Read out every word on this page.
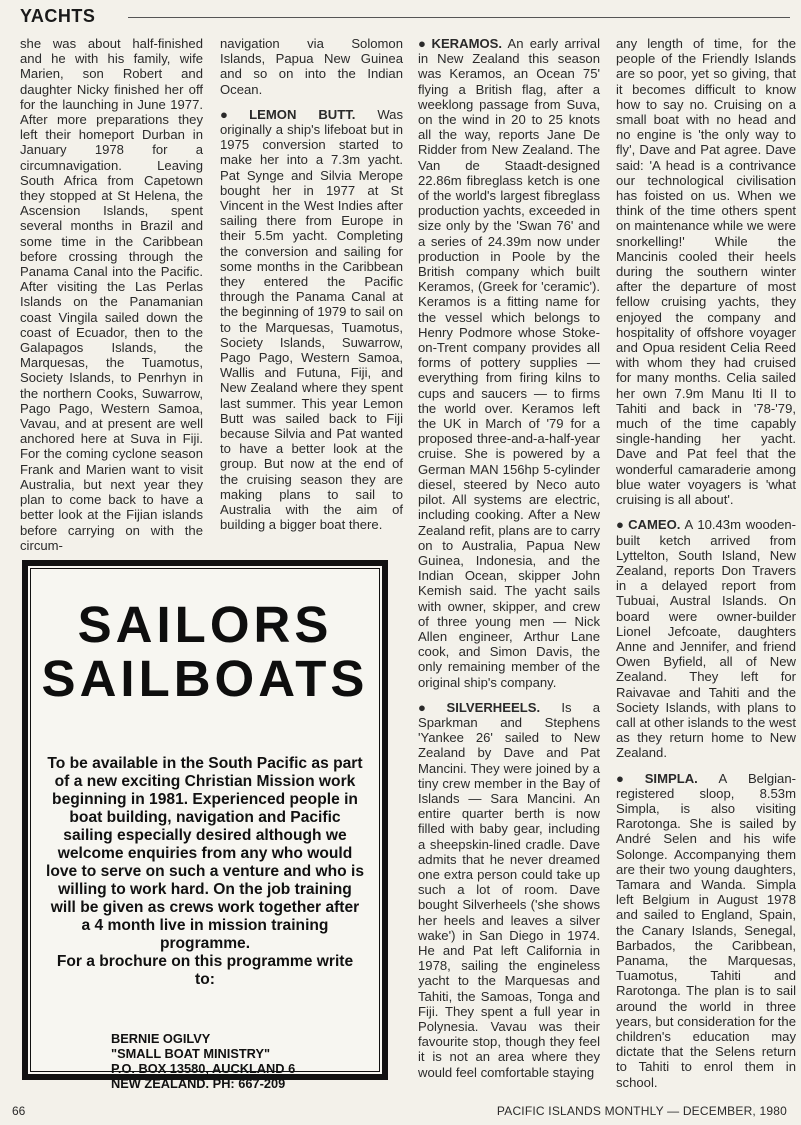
YACHTS

she was about half-finished and he with his family, wife Marien, son Robert and daughter Nicky finished her off for the launching in June 1977. After more preparations they left their homeport Durban in January 1978 for a circumnavigation. Leaving South Africa from Capetown they stopped at St Helena, the Ascension Islands, spent several months in Brazil and some time in the Caribbean before crossing through the Panama Canal into the Pacific. After visiting the Las Perlas Islands on the Panamanian coast Vingila sailed down the coast of Ecuador, then to the Galapagos Islands, the Marquesas, the Tuamotus, Society Islands, to Penrhyn in the northern Cooks, Suwarrow, Pago Pago, Western Samoa, Vavau, and at present are well anchored here at Suva in Fiji. For the coming cyclone season Frank and Marien want to visit Australia, but next year they plan to come back to have a better look at the Fijian islands before carrying on with the circum-

navigation via Solomon Islands, Papua New Guinea and so on into the Indian Ocean.

● LEMON BUTT. Was originally a ship's lifeboat but in 1975 conversion started to make her into a 7.3m yacht. Pat Synge and Silvia Merope bought her in 1977 at St Vincent in the West Indies after sailing there from Europe in their 5.5m yacht. Completing the conversion and sailing for some months in the Caribbean they entered the Pacific through the Panama Canal at the beginning of 1979 to sail on to the Marquesas, Tuamotus, Society Islands, Suwarrow, Pago Pago, Western Samoa, Wallis and Futuna, Fiji, and New Zealand where they spent last summer. This year Lemon Butt was sailed back to Fiji because Silvia and Pat wanted to have a better look at the group. But now at the end of the cruising season they are making plans to sail to Australia with the aim of building a bigger boat there.

● KERAMOS. An early arrival in New Zealand this season was Keramos, an Ocean 75' flying a British flag, after a weeklong passage from Suva, on the wind in 20 to 25 knots all the way, reports Jane De Ridder from New Zealand. The Van de Staadt-designed 22.86m fibreglass ketch is one of the world's largest fibreglass production yachts, exceeded in size only by the 'Swan 76' and a series of 24.39m now under production in Poole by the British company which built Keramos, (Greek for 'ceramic'). Keramos is a fitting name for the vessel which belongs to Henry Podmore whose Stoke-on-Trent company provides all forms of pottery supplies — everything from firing kilns to cups and saucers — to firms the world over. Keramos left the UK in March of '79 for a proposed three-and-a-half-year cruise. She is powered by a German MAN 156hp 5-cylinder diesel, steered by Neco auto pilot. All systems are electric, including cooking. After a New Zealand refit, plans are to carry on to Australia, Papua New Guinea, Indonesia, and the Indian Ocean, skipper John Kemish said. The yacht sails with owner, skipper, and crew of three young men — Nick Allen engineer, Arthur Lane cook, and Simon Davis, the only remaining member of the original ship's company.

● SILVERHEELS. Is a Sparkman and Stephens 'Yankee 26' sailed to New Zealand by Dave and Pat Mancini. They were joined by a tiny crew member in the Bay of Islands — Sara Mancini. An entire quarter berth is now filled with baby gear, including a sheepskin-lined cradle. Dave admits that he never dreamed one extra person could take up such a lot of room. Dave bought Silverheels ('she shows her heels and leaves a silver wake') in San Diego in 1974. He and Pat left California in 1978, sailing the engineless yacht to the Marquesas and Tahiti, the Samoas, Tonga and Fiji. They spent a full year in Polynesia. Vavau was their favourite stop, though they feel it is not an area where they would feel comfortable staying

any length of time, for the people of the Friendly Islands are so poor, yet so giving, that it becomes difficult to know how to say no. Cruising on a small boat with no head and no engine is 'the only way to fly', Dave and Pat agree. Dave said: 'A head is a contrivance our technological civilisation has foisted on us. When we think of the time others spent on maintenance while we were snorkelling!' While the Mancinis cooled their heels during the southern winter after the departure of most fellow cruising yachts, they enjoyed the company and hospitality of offshore voyager and Opua resident Celia Reed with whom they had cruised for many months. Celia sailed her own 7.9m Manu Iti II to Tahiti and back in '78-'79, much of the time capably single-handing her yacht. Dave and Pat feel that the wonderful camaraderie among blue water voyagers is 'what cruising is all about'.

● CAMEO. A 10.43m wooden-built ketch arrived from Lyttelton, South Island, New Zealand, reports Don Travers in a delayed report from Tubuai, Austral Islands. On board were owner-builder Lionel Jefcoate, daughters Anne and Jennifer, and friend Owen Byfield, all of New Zealand. They left for Raivavae and Tahiti and the Society Islands, with plans to call at other islands to the west as they return home to New Zealand.

● SIMPLA. A Belgian-registered sloop, 8.53m Simpla, is also visiting Rarotonga. She is sailed by André Selen and his wife Solonge. Accompanying them are their two young daughters, Tamara and Wanda. Simpla left Belgium in August 1978 and sailed to England, Spain, the Canary Islands, Senegal, Barbados, the Caribbean, Panama, the Marquesas, Tuamotus, Tahiti and Rarotonga. The plan is to sail around the world in three years, but consideration for the children's education may dictate that the Selens return to Tahiti to enrol them in school.

SAILORS
SAILBOATS
To be available in the South Pacific as part of a new exciting Christian Mission work beginning in 1981. Experienced people in boat building, navigation and Pacific sailing especially desired although we welcome enquiries from any who would love to serve on such a venture and who is willing to work hard. On the job training will be given as crews work together after a 4 month live in mission training programme.
For a brochure on this programme write to:
BERNIE OGILVY
"SMALL BOAT MINISTRY"
P.O. BOX 13580, AUCKLAND 6
NEW ZEALAND. PH: 667-209
66	PACIFIC ISLANDS MONTHLY — DECEMBER, 1980
